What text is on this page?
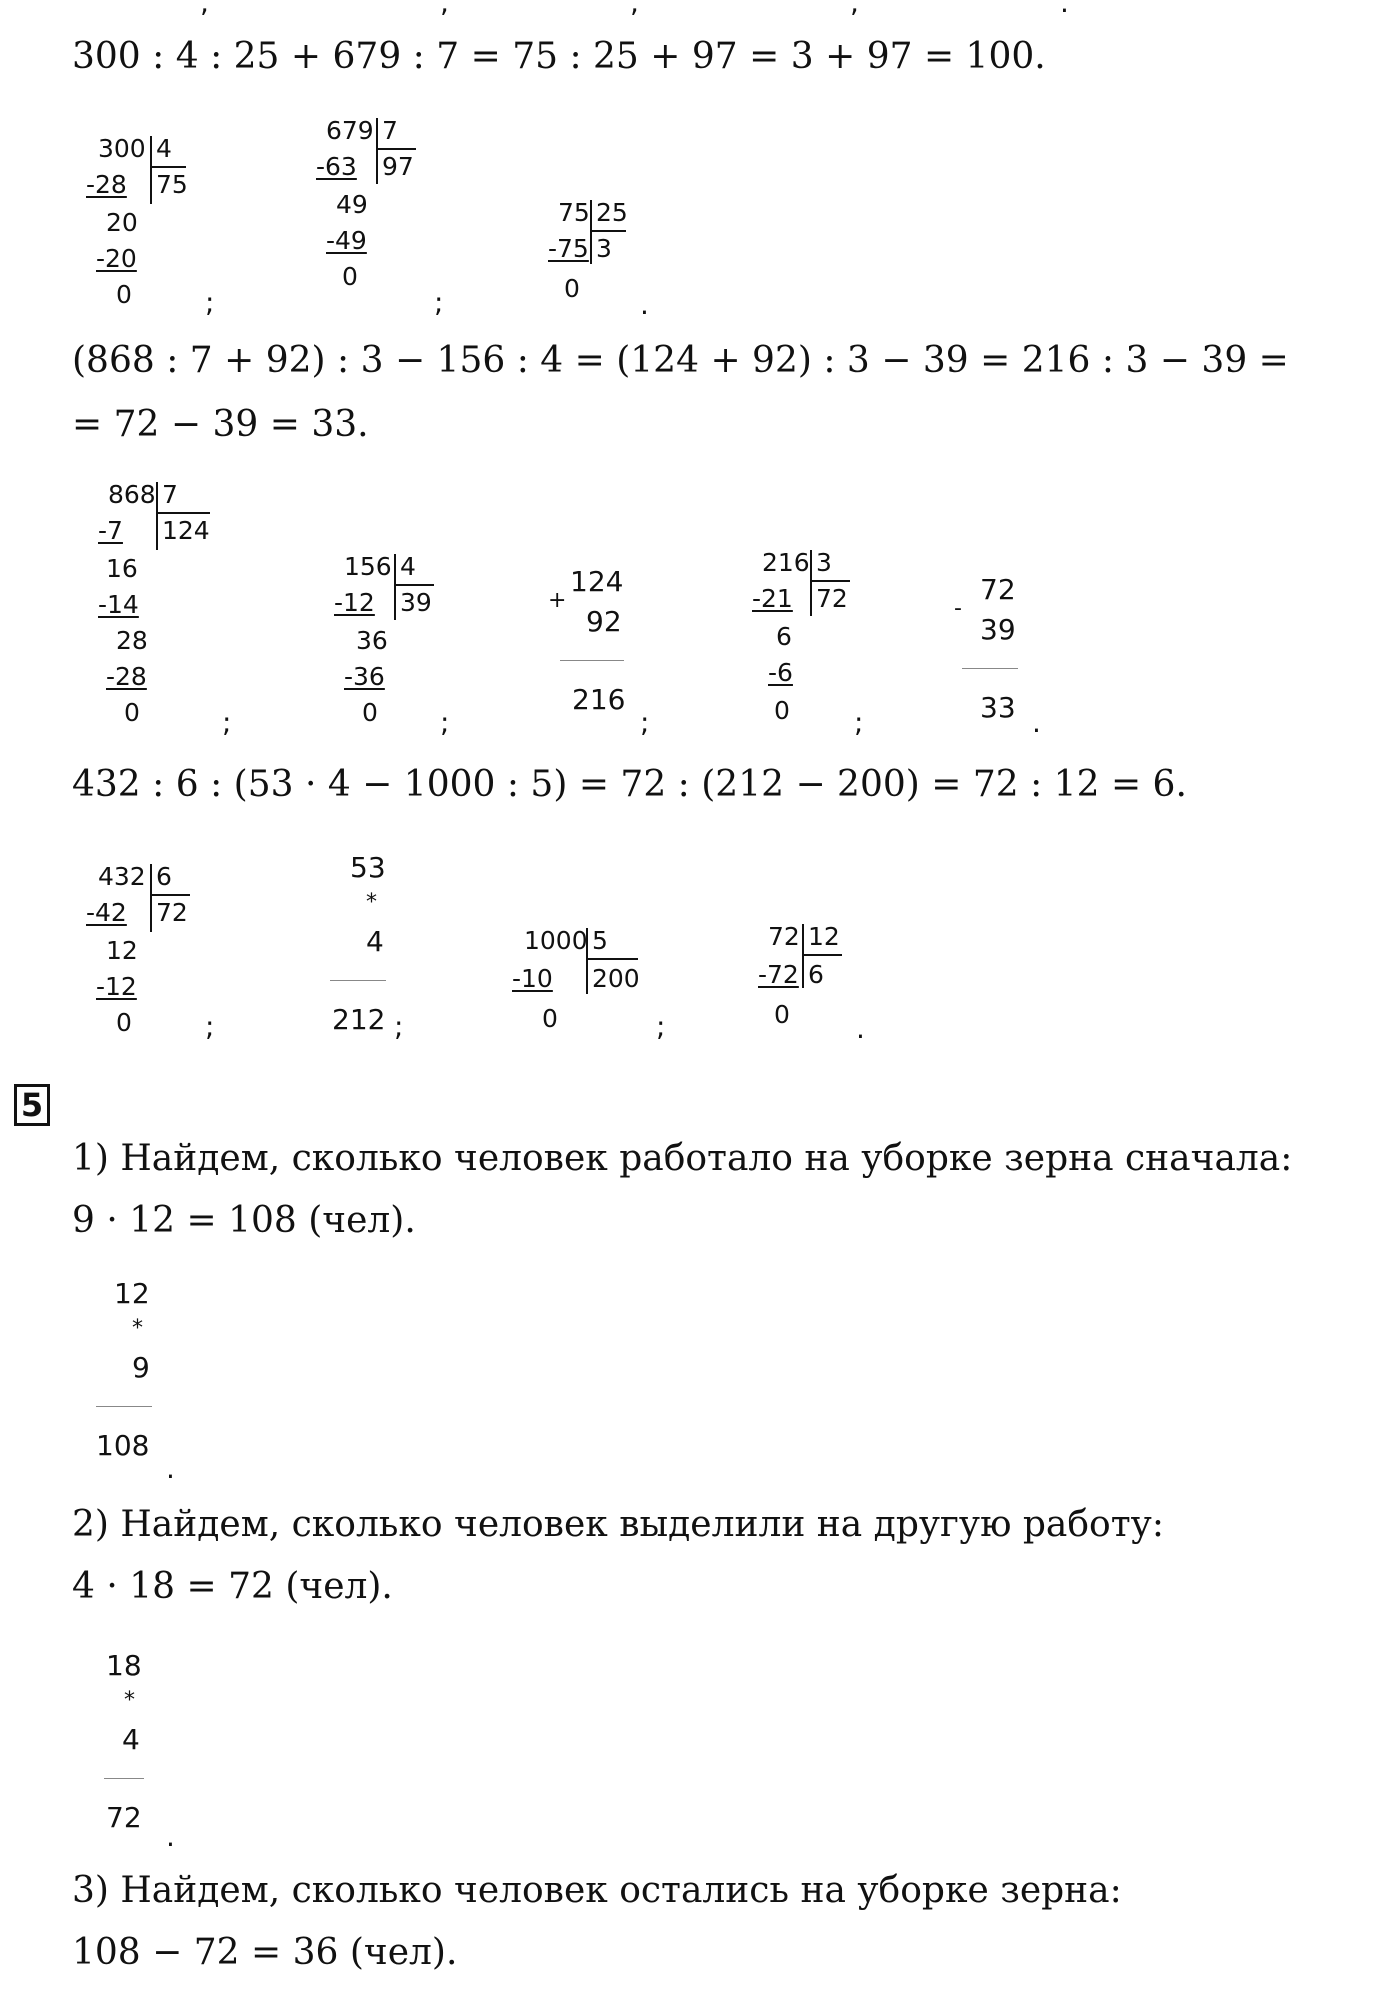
,	,	,	,	.
300 : 4 : 25 + 679 : 7 = 75 : 25 + 97 = 3 + 97 = 100.
300 4
75
-28
20
-20
0	;
679 7
97
-63
49
-49
0
;
75 25
3
-75
0 .
(868 : 7 + 92) : 3 − 156 : 4 = (124 + 92) : 3 − 39 = 216 : 3 − 39 =
= 72 − 39 = 33.
868 7
124
-7
16
-14
28
-28
0	;
156 4
39
-12
36
-36
0 ;
+
124
92
216
;
216 3
72
-21
6
-6
0 ;
-
72
39
33 .
432 : 6 : (53 · 4 − 1000 : 5) = 72 : (212 − 200) = 72 : 12 = 6.
432 6
72
-42
12
-12
0	;
53
*
4
212 ;
1000 5
200
-10
0	;
72 12
6
-72
0 .
5
1) Найдем, сколько человек работало на уборке зерна сначала:
9 · 12 = 108 (чел).
12
*
9
108
.
2) Найдем, сколько человек выделили на другую работу:
4 · 18 = 72 (чел).
18
*
4
72
.
3) Найдем, сколько человек остались на уборке зерна:
108 − 72 = 36 (чел).
